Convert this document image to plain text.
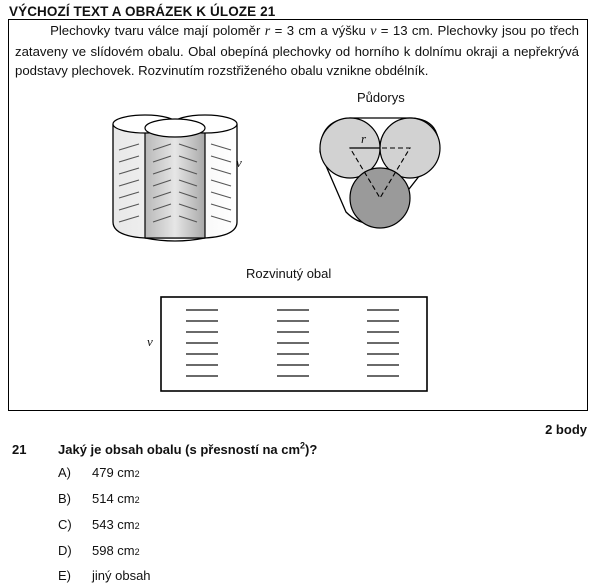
VÝCHOZÍ TEXT A OBRÁZEK K ÚLOZE 21
Plechovky tvaru válce mají poloměr r = 3 cm a výšku v = 13 cm. Plechovky jsou po třech zataveny ve slídovém obalu. Obal obepíná plechovky od horního k dolnímu okraji a nepřekrývá podstavy plechovek. Rozvinutím rozstřiženého obalu vznikne obdélník.
v
Půdorys
r
Rozvinutý obal
v
2 body
21 Jaký je obsah obalu (s přesností na $cm^2$)?
A)	479 cm 2
B)	514 cm 2
C)	543 cm 2
D)	598 cm 2
E)	jiný obsah
